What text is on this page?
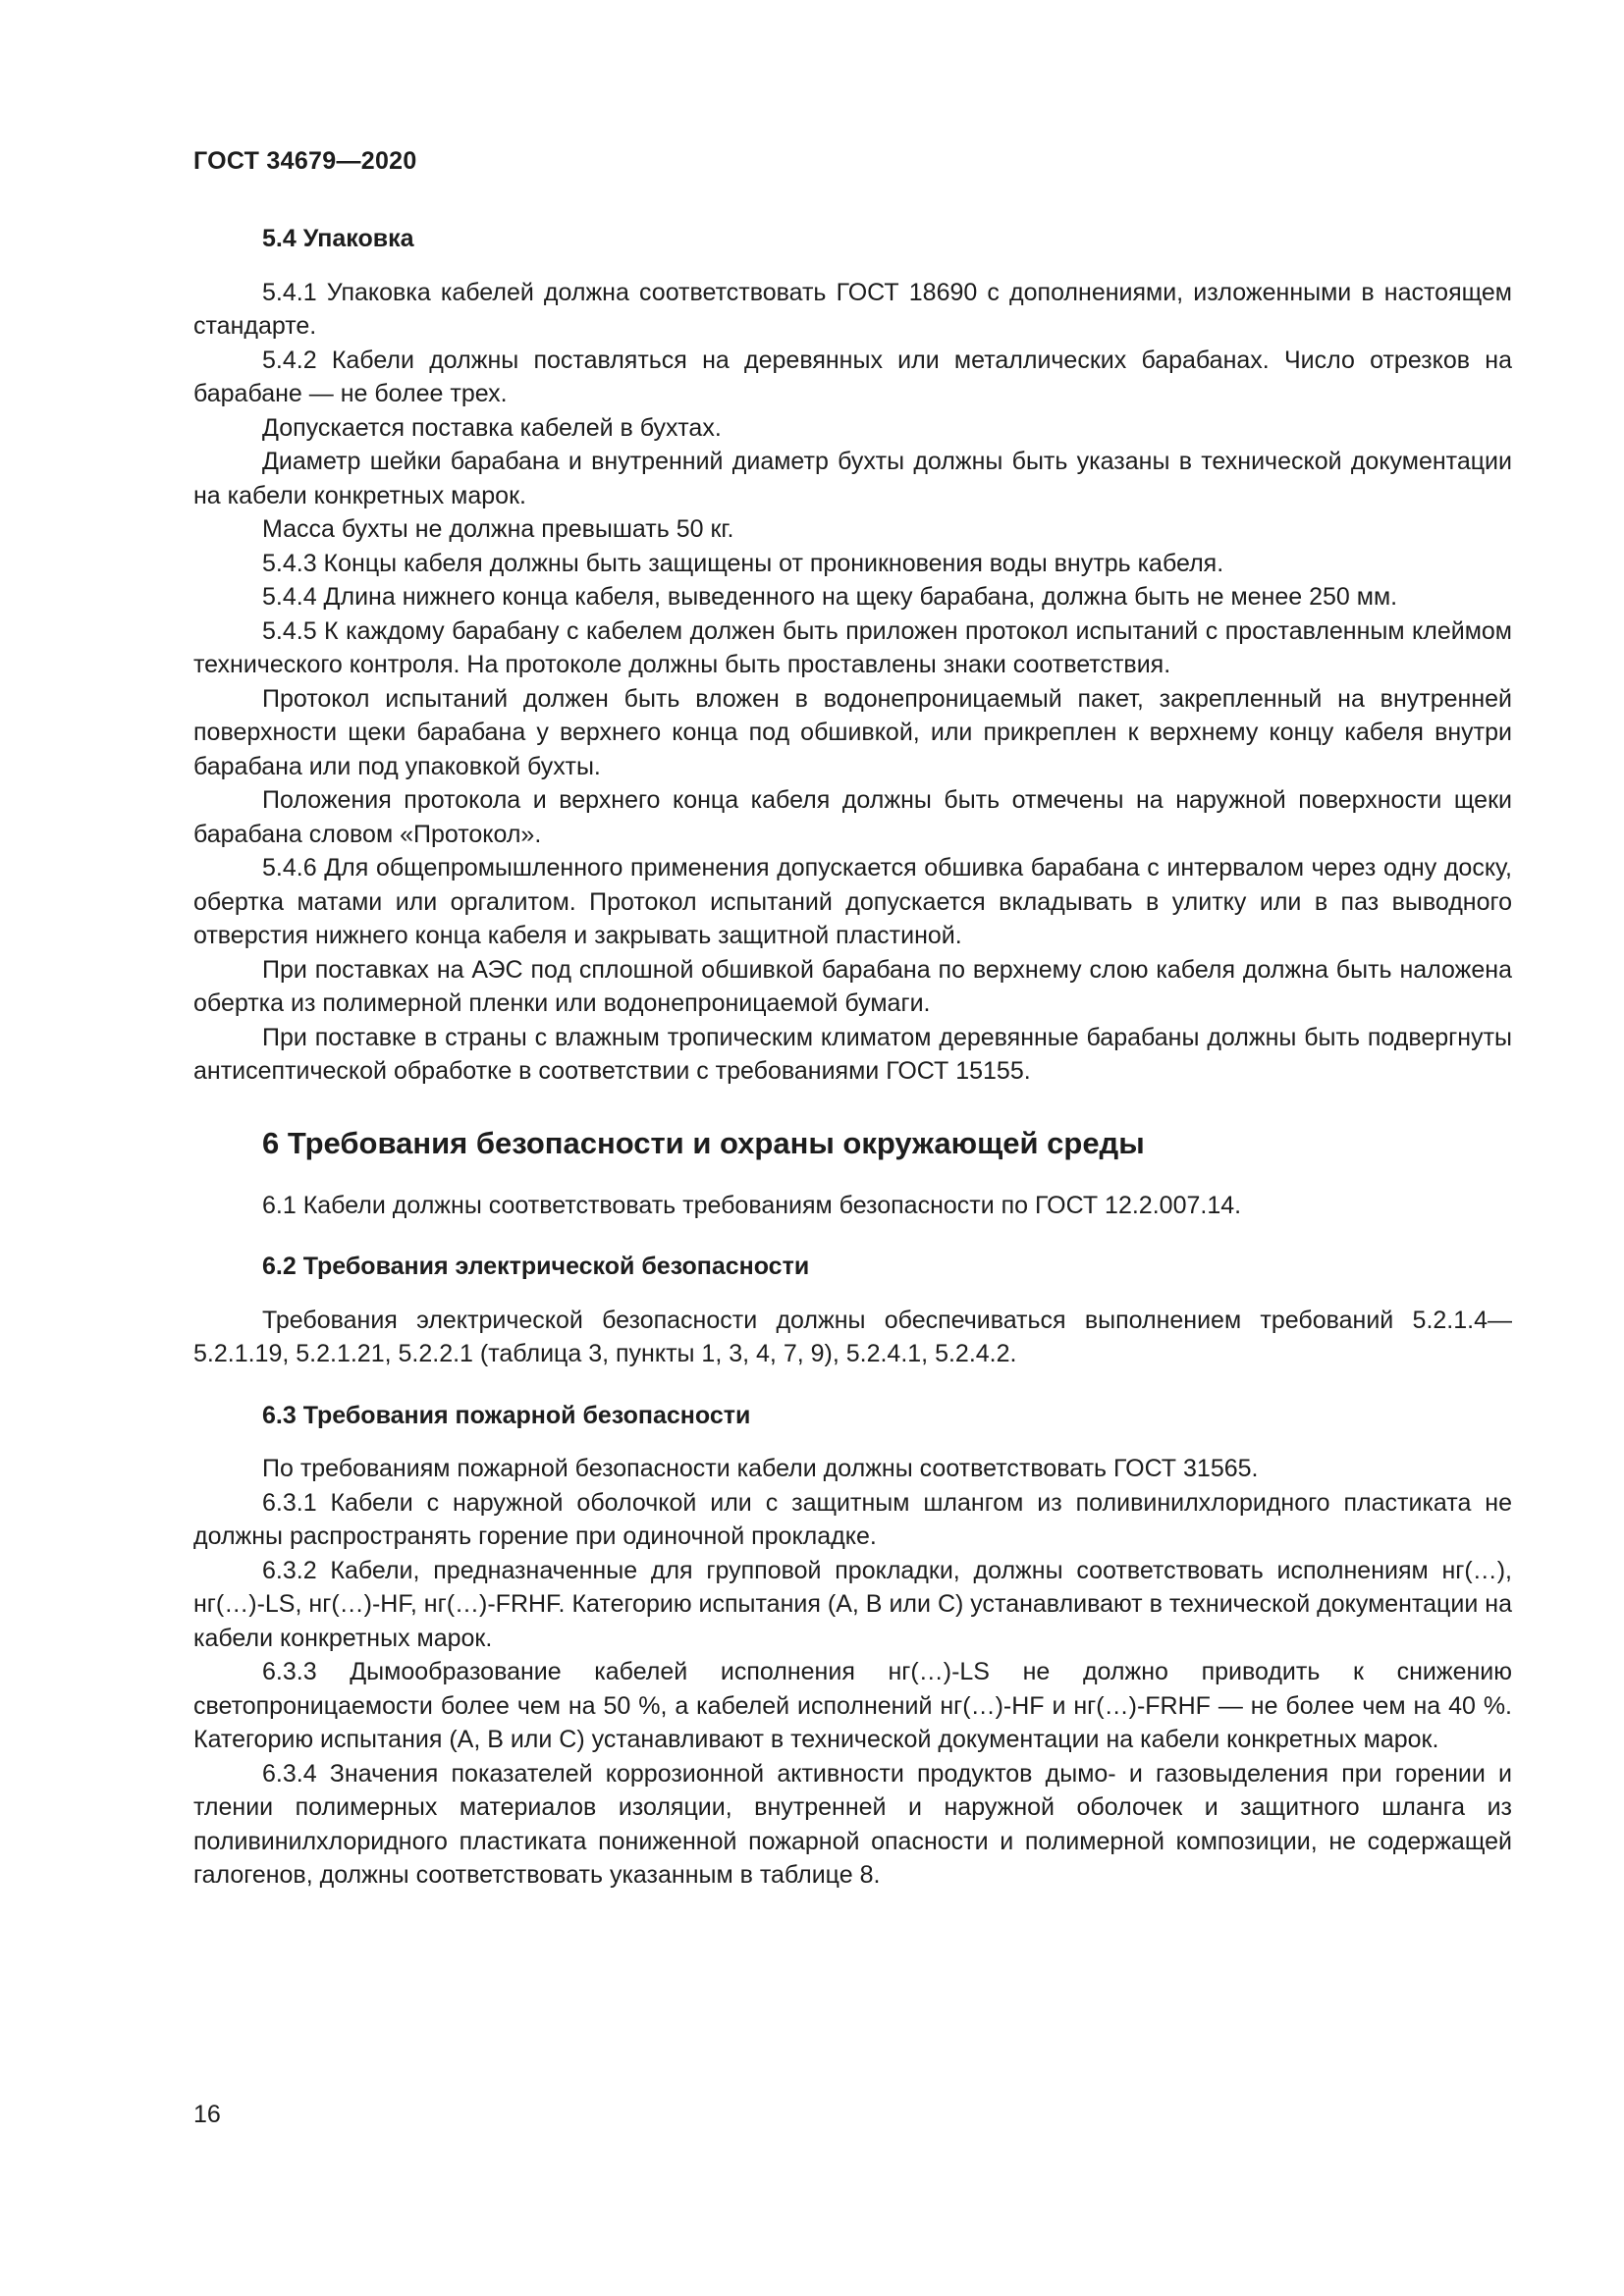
ГОСТ 34679—2020
5.4 Упаковка

5.4.1 Упаковка кабелей должна соответствовать ГОСТ 18690 с дополнениями, изложенными в настоящем стандарте.

5.4.2 Кабели должны поставляться на деревянных или металлических барабанах. Число отрезков на барабане — не более трех.

Допускается поставка кабелей в бухтах.

Диаметр шейки барабана и внутренний диаметр бухты должны быть указаны в технической документации на кабели конкретных марок.

Масса бухты не должна превышать 50 кг.

5.4.3 Концы кабеля должны быть защищены от проникновения воды внутрь кабеля.

5.4.4 Длина нижнего конца кабеля, выведенного на щеку барабана, должна быть не менее 250 мм.

5.4.5 К каждому барабану с кабелем должен быть приложен протокол испытаний с проставленным клеймом технического контроля. На протоколе должны быть проставлены знаки соответствия.

Протокол испытаний должен быть вложен в водонепроницаемый пакет, закрепленный на внутренней поверхности щеки барабана у верхнего конца под обшивкой, или прикреплен к верхнему концу кабеля внутри барабана или под упаковкой бухты.

Положения протокола и верхнего конца кабеля должны быть отмечены на наружной поверхности щеки барабана словом «Протокол».

5.4.6 Для общепромышленного применения допускается обшивка барабана с интервалом через одну доску, обертка матами или оргалитом. Протокол испытаний допускается вкладывать в улитку или в паз выводного отверстия нижнего конца кабеля и закрывать защитной пластиной.

При поставках на АЭС под сплошной обшивкой барабана по верхнему слою кабеля должна быть наложена обертка из полимерной пленки или водонепроницаемой бумаги.

При поставке в страны с влажным тропическим климатом деревянные барабаны должны быть подвергнуты антисептической обработке в соответствии с требованиями ГОСТ 15155.

6 Требования безопасности и охраны окружающей среды

6.1 Кабели должны соответствовать требованиям безопасности по ГОСТ 12.2.007.14.

6.2 Требования электрической безопасности

Требования электрической безопасности должны обеспечиваться выполнением требований 5.2.1.4—5.2.1.19, 5.2.1.21, 5.2.2.1 (таблица 3, пункты 1, 3, 4, 7, 9), 5.2.4.1, 5.2.4.2.

6.3 Требования пожарной безопасности

По требованиям пожарной безопасности кабели должны соответствовать ГОСТ 31565.

6.3.1 Кабели с наружной оболочкой или с защитным шлангом из поливинилхлоридного пластиката не должны распространять горение при одиночной прокладке.

6.3.2 Кабели, предназначенные для групповой прокладки, должны соответствовать исполнениям нг(…), нг(…)-LS, нг(…)-HF, нг(…)-FRHF. Категорию испытания (А, В или С) устанавливают в технической документации на кабели конкретных марок.

6.3.3 Дымообразование кабелей исполнения нг(…)-LS не должно приводить к снижению светопроницаемости более чем на 50 %, а кабелей исполнений нг(…)-HF и нг(…)-FRHF — не более чем на 40 %. Категорию испытания (А, В или С) устанавливают в технической документации на кабели конкретных марок.

6.3.4 Значения показателей коррозионной активности продуктов дымо- и газовыделения при горении и тлении полимерных материалов изоляции, внутренней и наружной оболочек и защитного шланга из поливинилхлоридного пластиката пониженной пожарной опасности и полимерной композиции, не содержащей галогенов, должны соответствовать указанным в таблице 8.

16
